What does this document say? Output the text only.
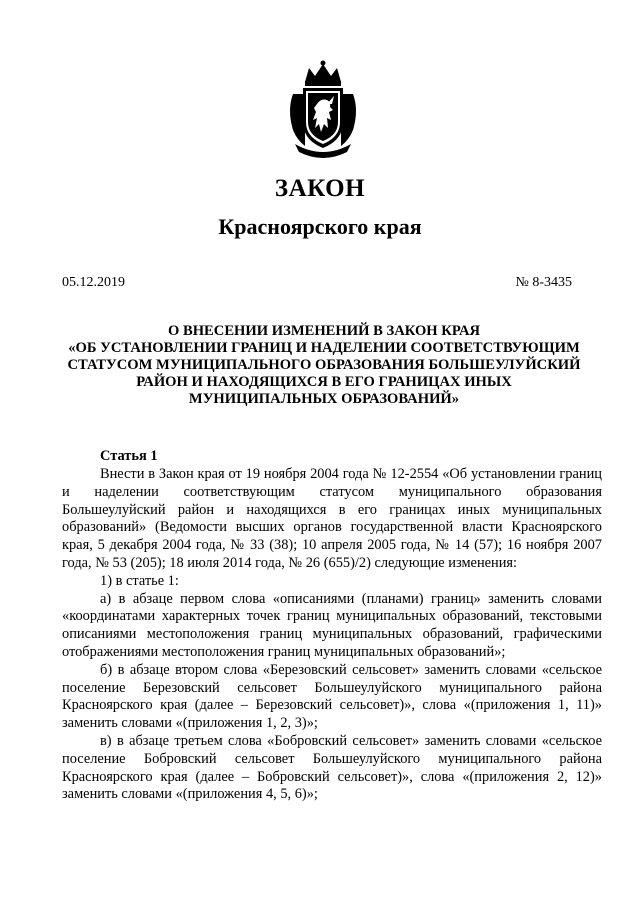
ЗАКОН
Красноярского края
05.12.2019	№ 8-3435
О ВНЕСЕНИИ ИЗМЕНЕНИЙ В ЗАКОН КРАЯ
«ОБ УСТАНОВЛЕНИИ ГРАНИЦ И НАДЕЛЕНИИ СООТВЕТСТВУЮЩИМ
СТАТУСОМ МУНИЦИПАЛЬНОГО ОБРАЗОВАНИЯ БОЛЬШЕУЛУЙСКИЙ
РАЙОН И НАХОДЯЩИХСЯ В ЕГО ГРАНИЦАХ ИНЫХ
МУНИЦИПАЛЬНЫХ ОБРАЗОВАНИЙ»
Статья 1

Внести в Закон края от 19 ноября 2004 года № 12-2554 «Об установлении границ и наделении соответствующим статусом муниципального образования Большеулуйский район и находящихся в его границах иных муниципальных образований» (Ведомости высших органов государственной власти Красноярского края, 5 декабря 2004 года, № 33 (38); 10 апреля 2005 года, № 14 (57); 16 ноября 2007 года, № 53 (205); 18 июля 2014 года, № 26 (655)/2) следующие изменения:

1) в статье 1:

а) в абзаце первом слова «описаниями (планами) границ» заменить словами «координатами характерных точек границ муниципальных образований, текстовыми описаниями местоположения границ муниципальных образований, графическими отображениями местоположения границ муниципальных образований»;

б) в абзаце втором слова «Березовский сельсовет» заменить словами «сельское поселение Березовский сельсовет Большеулуйского муниципального района Красноярского края (далее – Березовский сельсовет)», слова «(приложения 1, 11)» заменить словами «(приложения 1, 2, 3)»;

в) в абзаце третьем слова «Бобровский сельсовет» заменить словами «сельское поселение Бобровский сельсовет Большеулуйского муниципального района Красноярского края (далее – Бобровский сельсовет)», слова «(приложения 2, 12)» заменить словами «(приложения 4, 5, 6)»;
